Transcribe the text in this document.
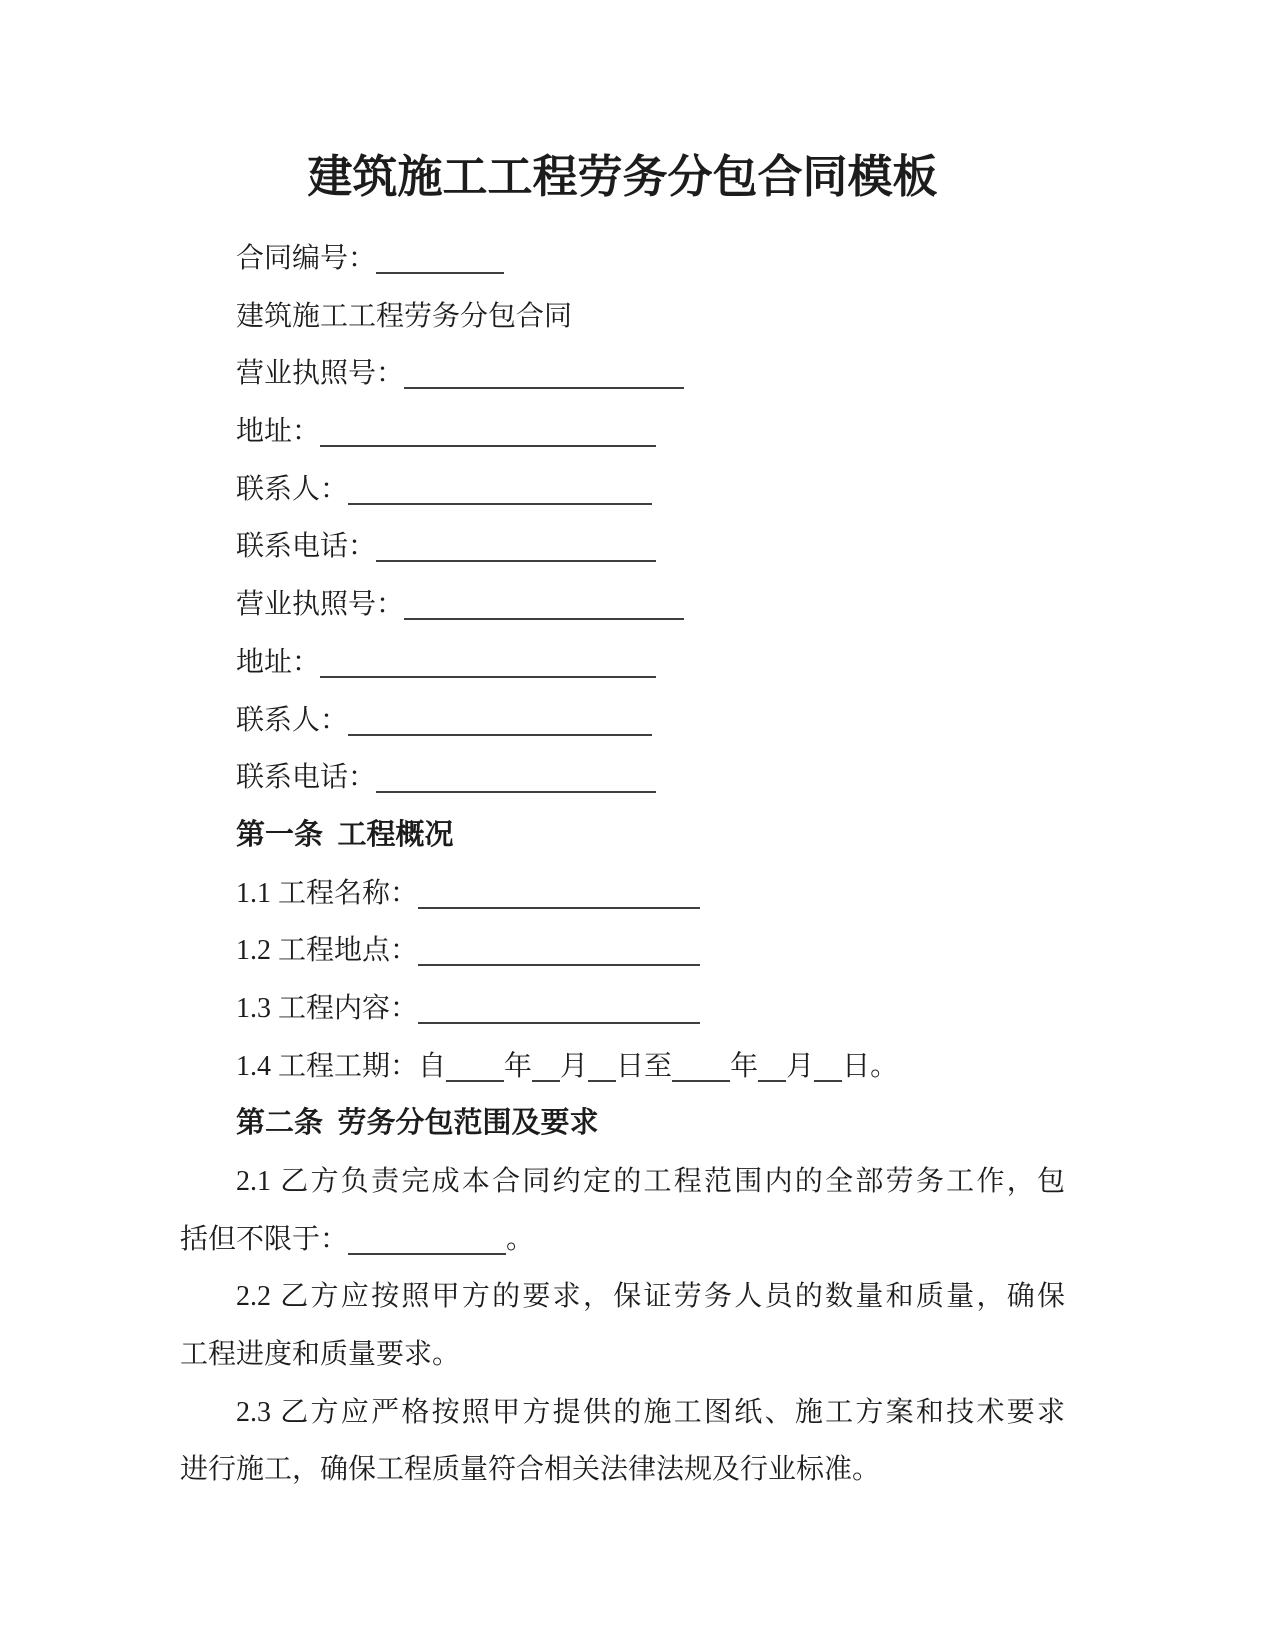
建筑施工工程劳务分包合同模板
合同编号：
建筑施工工程劳务分包合同
营业执照号：
地址：
联系人：
联系电话：
营业执照号：
地址：
联系人：
联系电话：
第一条  工程概况
1.1 工程名称：
1.2 工程地点：
1.3 工程内容：
1.4 工程工期：自 年 月 日至 年 月 日。
第二条  劳务分包范围及要求
2.1 乙方负责完成本合同约定的工程范围内的全部劳务工作，包
括但不限于：	。
2.2 乙方应按照甲方的要求，保证劳务人员的数量和质量，确保
工程进度和质量要求。
2.3 乙方应严格按照甲方提供的施工图纸、施工方案和技术要求
进行施工，确保工程质量符合相关法律法规及行业标准。
